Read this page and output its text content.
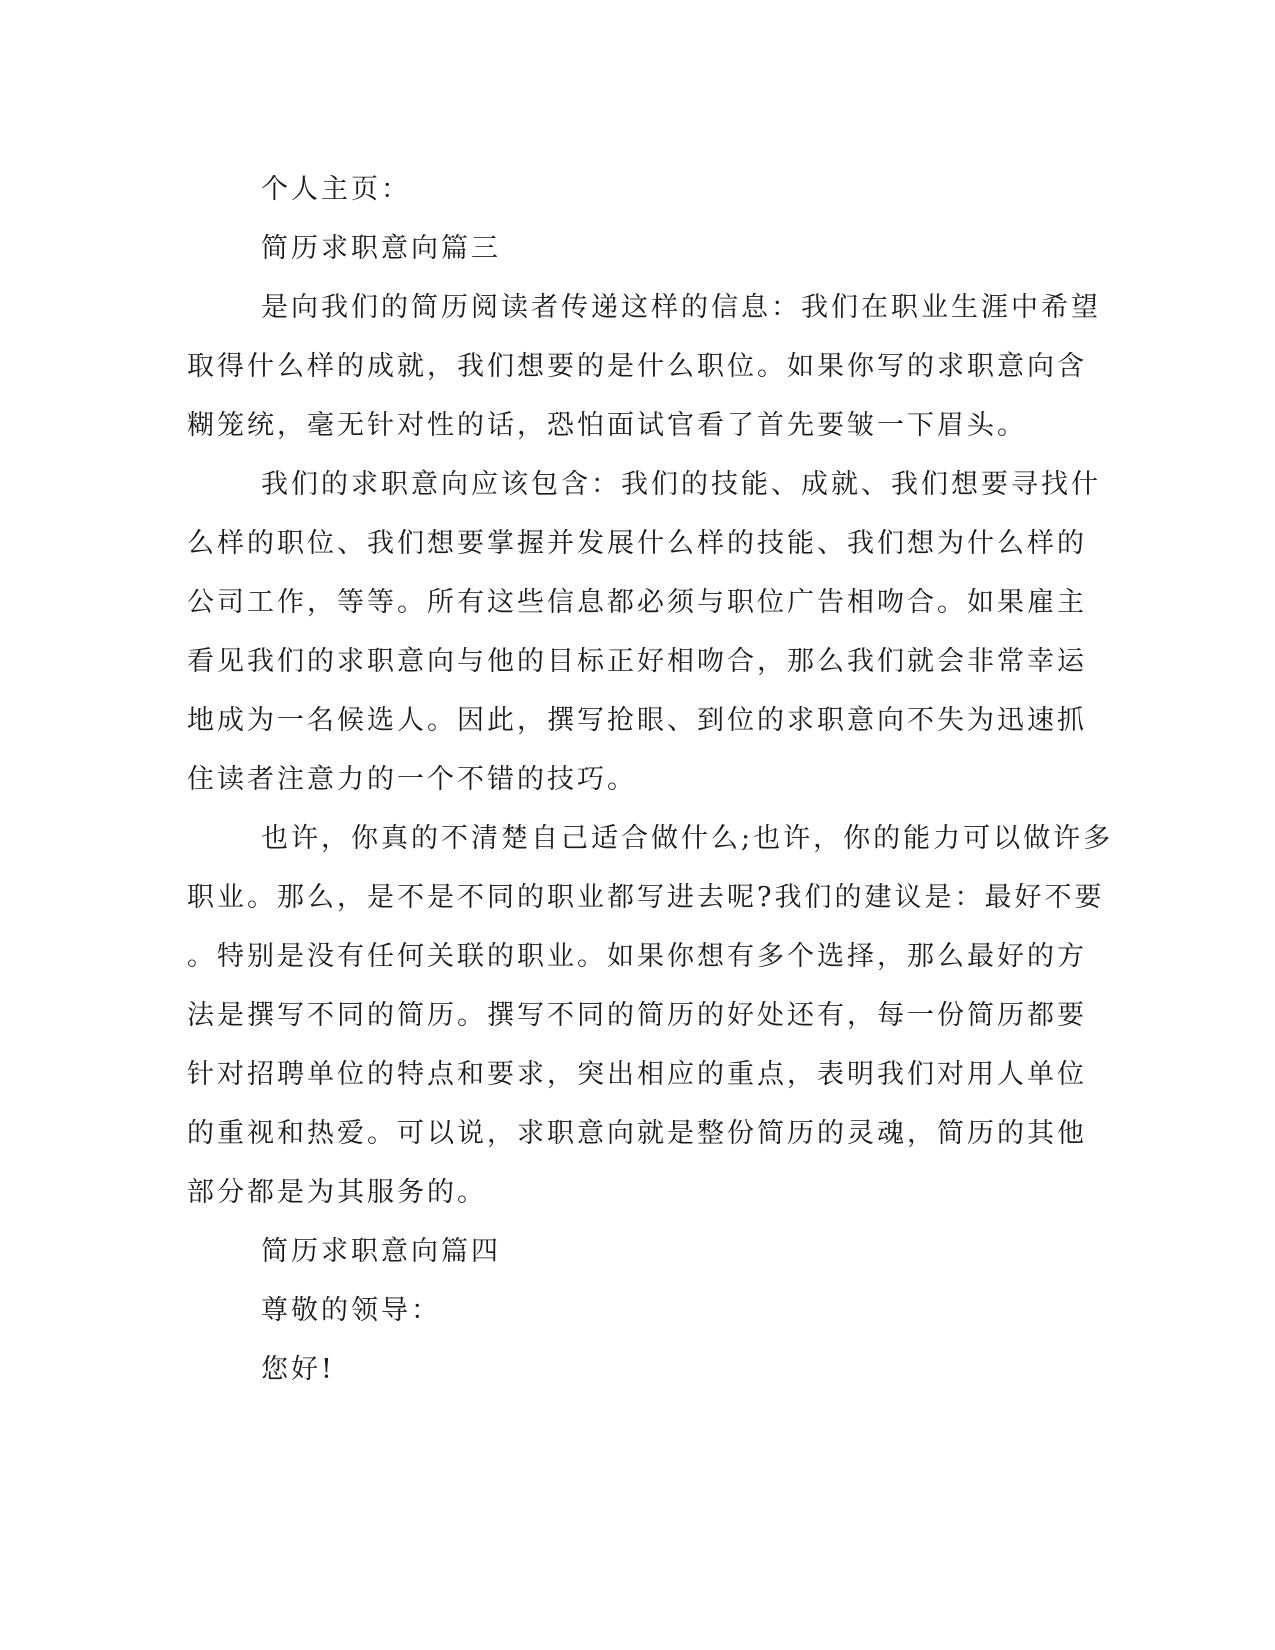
个人主页：

简历求职意向篇三

是向我们的简历阅读者传递这样的信息：我们在职业生涯中希望

取得什么样的成就，我们想要的是什么职位。如果你写的求职意向含

糊笼统，毫无针对性的话，恐怕面试官看了首先要皱一下眉头。

我们的求职意向应该包含：我们的技能、成就、我们想要寻找什

么样的职位、我们想要掌握并发展什么样的技能、我们想为什么样的

公司工作，等等。所有这些信息都必须与职位广告相吻合。如果雇主

看见我们的求职意向与他的目标正好相吻合，那么我们就会非常幸运

地成为一名候选人。因此，撰写抢眼、到位的求职意向不失为迅速抓

住读者注意力的一个不错的技巧。

也许，你真的不清楚自己适合做什么;也许，你的能力可以做许多

职业。那么，是不是不同的职业都写进去呢?我们的建议是：最好不要

。特别是没有任何关联的职业。如果你想有多个选择，那么最好的方

法是撰写不同的简历。撰写不同的简历的好处还有，每一份简历都要

针对招聘单位的特点和要求，突出相应的重点，表明我们对用人单位

的重视和热爱。可以说，求职意向就是整份简历的灵魂，简历的其他

部分都是为其服务的。

简历求职意向篇四

尊敬的领导：

您好!
